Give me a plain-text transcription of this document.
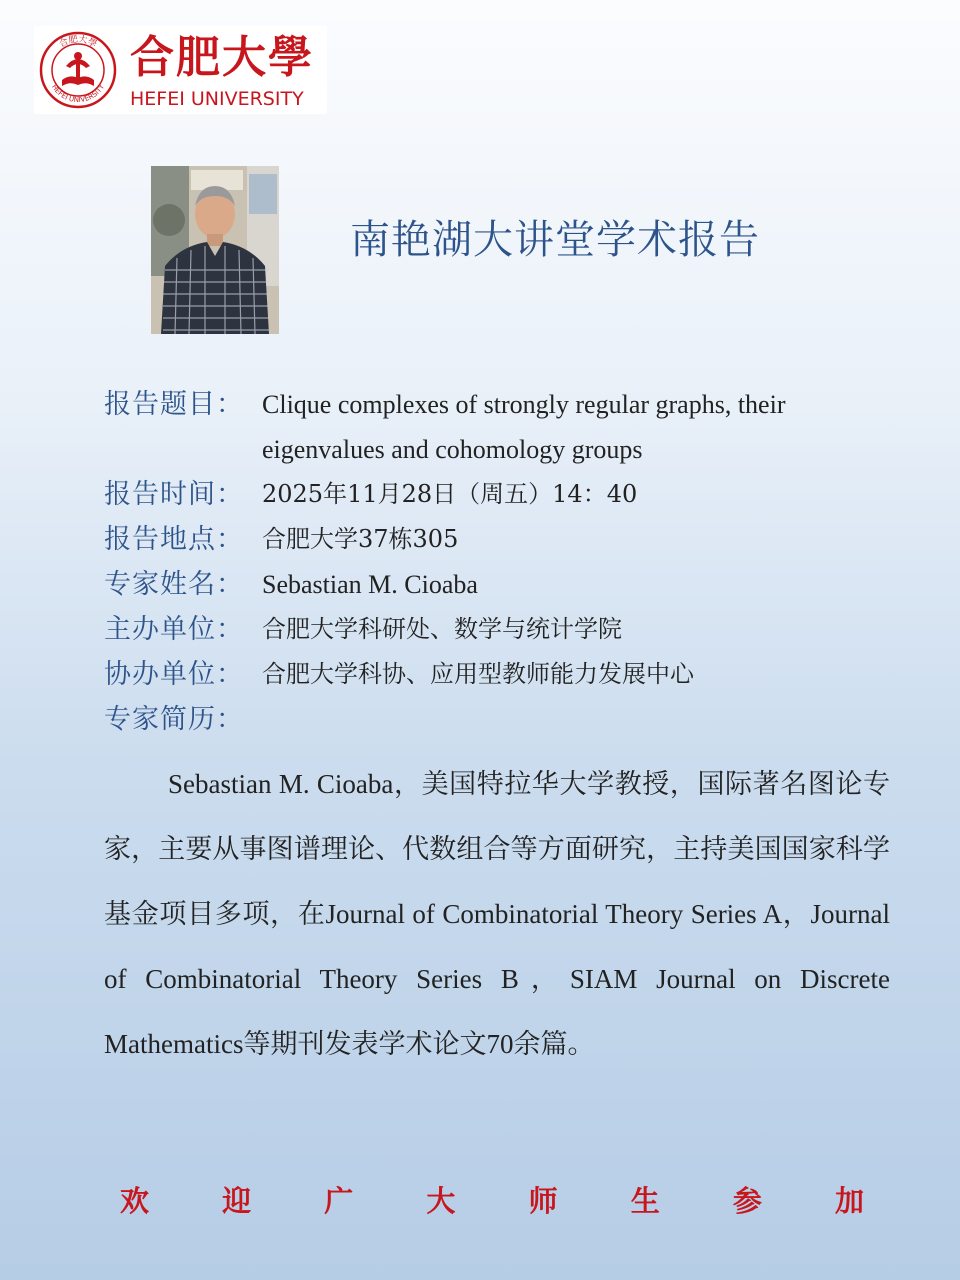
合肥大學
HEFEI UNIVERSITY
合肥大學
HEFEI UNIVERSITY
南艳湖大讲堂学术报告
报告题目： Clique complexes of strongly regular graphs, their eigenvalues and cohomology groups
报告时间： 2025年11月28日（周五）14：40
报告地点： 合肥大学37栋305
专家姓名： Sebastian M. Cioaba
主办单位： 合肥大学科研处、数学与统计学院
协办单位： 合肥大学科协、应用型教师能力发展中心
专家简历：
Sebastian M. Cioaba，美国特拉华大学教授，国际著名图论专家，主要从事图谱理论、代数组合等方面研究，主持美国国家科学基金项目多项，在Journal of Combinatorial Theory Series A，Journal of Combinatorial Theory Series B，SIAM Journal on Discrete Mathematics等期刊发表学术论文70余篇。
欢	迎	广	大	师	生	参	加
